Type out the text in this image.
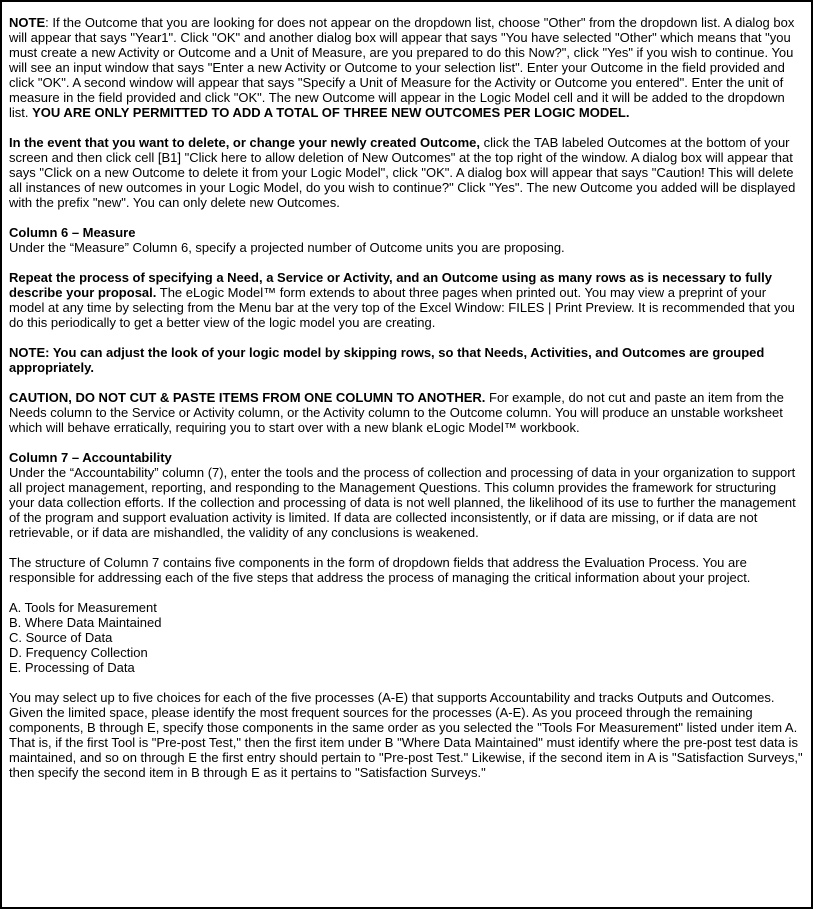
NOTE: If the Outcome that you are looking for does not appear on the dropdown list, choose "Other" from the dropdown list. A dialog box will appear that says "Year1". Click "OK" and another dialog box will appear that says "You have selected "Other" which means that "you must create a new Activity or Outcome and a Unit of Measure, are you prepared to do this Now?", click "Yes" if you wish to continue. You will see an input window that says "Enter a new Activity or Outcome to your selection list". Enter your Outcome in the field provided and click "OK". A second window will appear that says "Specify a Unit of Measure for the Activity or Outcome you entered". Enter the unit of measure in the field provided and click "OK". The new Outcome will appear in the Logic Model cell and it will be added to the dropdown list. YOU ARE ONLY PERMITTED TO ADD A TOTAL OF THREE NEW OUTCOMES PER LOGIC MODEL.

In the event that you want to delete, or change your newly created Outcome, click the TAB labeled Outcomes at the bottom of your screen and then click cell [B1] "Click here to allow deletion of New Outcomes" at the top right of the window. A dialog box will appear that says "Click on a new Outcome to delete it from your Logic Model", click "OK". A dialog box will appear that says "Caution! This will delete all instances of new outcomes in your Logic Model, do you wish to continue?" Click "Yes". The new Outcome you added will be displayed with the prefix "new". You can only delete new Outcomes.

Column 6 – Measure
Under the “Measure” Column 6, specify a projected number of Outcome units you are proposing.

Repeat the process of specifying a Need, a Service or Activity, and an Outcome using as many rows as is necessary to fully describe your proposal. The eLogic Model™ form extends to about three pages when printed out. You may view a preprint of your model at any time by selecting from the Menu bar at the very top of the Excel Window: FILES | Print Preview. It is recommended that you do this periodically to get a better view of the logic model you are creating.

NOTE: You can adjust the look of your logic model by skipping rows, so that Needs, Activities, and Outcomes are grouped appropriately.

CAUTION, DO NOT CUT & PASTE ITEMS FROM ONE COLUMN TO ANOTHER. For example, do not cut and paste an item from the Needs column to the Service or Activity column, or the Activity column to the Outcome column. You will produce an unstable worksheet which will behave erratically, requiring you to start over with a new blank eLogic Model™ workbook.

Column 7 – Accountability
Under the “Accountability” column (7), enter the tools and the process of collection and processing of data in your organization to support all project management, reporting, and responding to the Management Questions. This column provides the framework for structuring your data collection efforts. If the collection and processing of data is not well planned, the likelihood of its use to further the management of the program and support evaluation activity is limited. If data are collected inconsistently, or if data are missing, or if data are not retrievable, or if data are mishandled, the validity of any conclusions is weakened.

The structure of Column 7 contains five components in the form of dropdown fields that address the Evaluation Process. You are responsible for addressing each of the five steps that address the process of managing the critical information about your project.

A. Tools for Measurement
B. Where Data Maintained
C. Source of Data
D. Frequency Collection
E. Processing of Data

You may select up to five choices for each of the five processes (A-E) that supports Accountability and tracks Outputs and Outcomes. Given the limited space, please identify the most frequent sources for the processes (A-E). As you proceed through the remaining components, B through E, specify those components in the same order as you selected the "Tools For Measurement" listed under item A. That is, if the first Tool is "Pre-post Test," then the first item under B "Where Data Maintained" must identify where the pre-post test data is maintained, and so on through E the first entry should pertain to "Pre-post Test." Likewise, if the second item in A is "Satisfaction Surveys," then specify the second item in B through E as it pertains to "Satisfaction Surveys."
